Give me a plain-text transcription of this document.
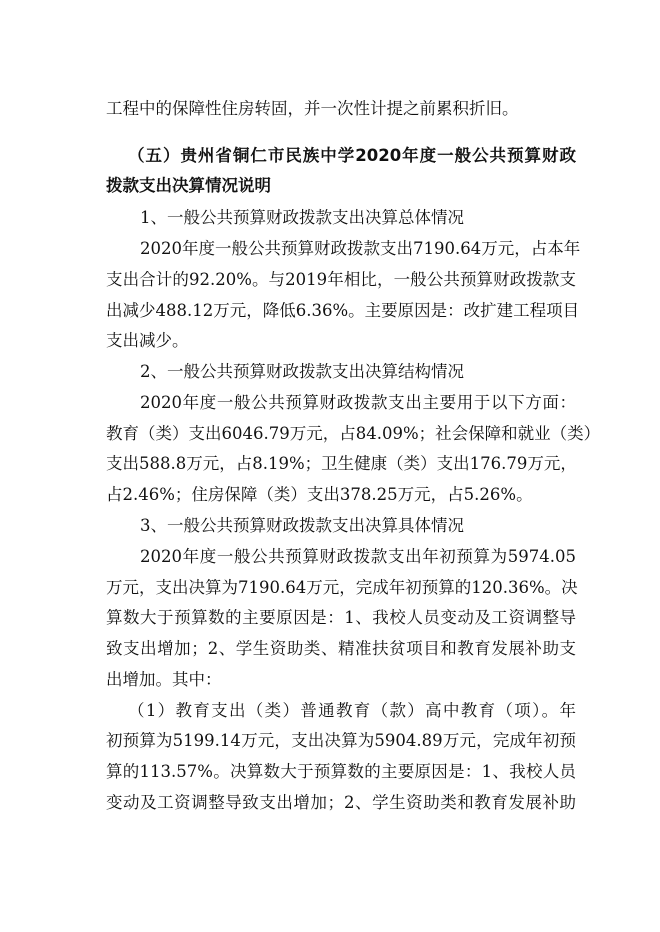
工程中的保障性住房转固，并一次性计提之前累积折旧。
（五）贵州省铜仁市民族中学2020年度一般公共预算财政
拨款支出决算情况说明
1、一般公共预算财政拨款支出决算总体情况
2020年度一般公共预算财政拨款支出7190.64万元，占本年
支出合计的92.20%。与2019年相比，一般公共预算财政拨款支
出减少488.12万元，降低6.36%。主要原因是：改扩建工程项目
支出减少。
2、一般公共预算财政拨款支出决算结构情况
2020年度一般公共预算财政拨款支出主要用于以下方面：
教育（类）支出6046.79万元，占84.09%；社会保障和就业（类）
支出588.8万元，占8.19%；卫生健康（类）支出176.79万元，
占2.46%；住房保障（类）支出378.25万元，占5.26%。
3、一般公共预算财政拨款支出决算具体情况
2020年度一般公共预算财政拨款支出年初预算为5974.05
万元，支出决算为7190.64万元，完成年初预算的120.36%。决
算数大于预算数的主要原因是：1、我校人员变动及工资调整导
致支出增加；2、学生资助类、精准扶贫项目和教育发展补助支
出增加。其中：
（1）教育支出（类）普通教育（款）高中教育（项）。年
初预算为5199.14万元，支出决算为5904.89万元，完成年初预
算的113.57%。决算数大于预算数的主要原因是：1、我校人员
变动及工资调整导致支出增加；2、学生资助类和教育发展补助
